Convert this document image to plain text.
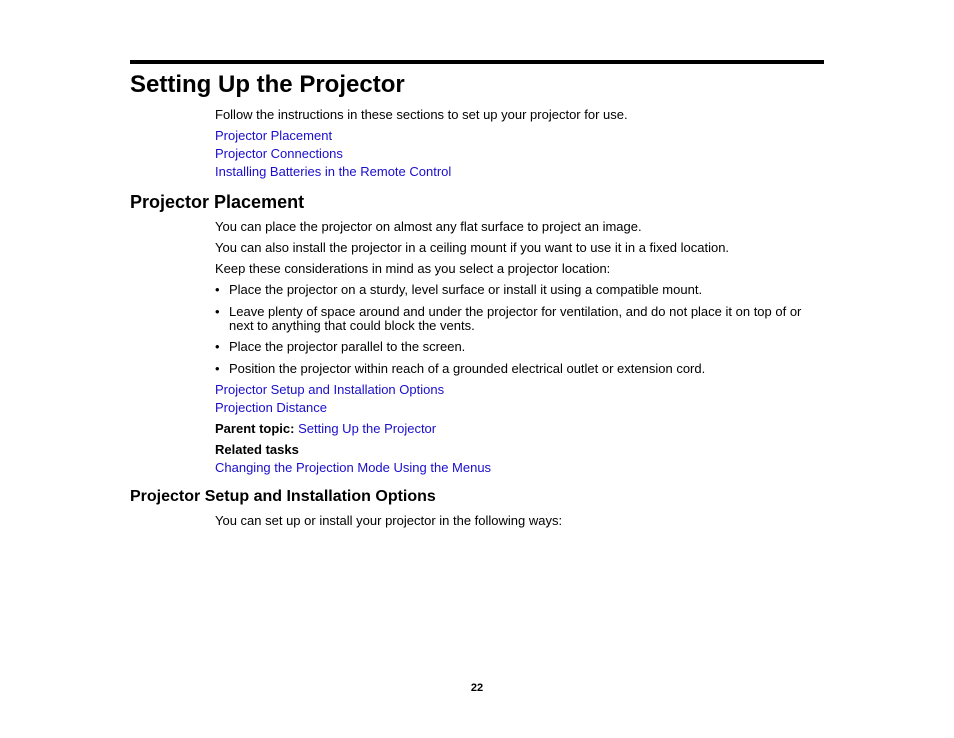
Setting Up the Projector
Follow the instructions in these sections to set up your projector for use.
Projector Placement
Projector Connections
Installing Batteries in the Remote Control
Projector Placement
You can place the projector on almost any flat surface to project an image.
You can also install the projector in a ceiling mount if you want to use it in a fixed location.
Keep these considerations in mind as you select a projector location:
• Place the projector on a sturdy, level surface or install it using a compatible mount.
• Leave plenty of space around and under the projector for ventilation, and do not place it on top of or next to anything that could block the vents.
• Place the projector parallel to the screen.
• Position the projector within reach of a grounded electrical outlet or extension cord.
Projector Setup and Installation Options
Projection Distance
Parent topic: Setting Up the Projector
Related tasks
Changing the Projection Mode Using the Menus
Projector Setup and Installation Options
You can set up or install your projector in the following ways:
22
